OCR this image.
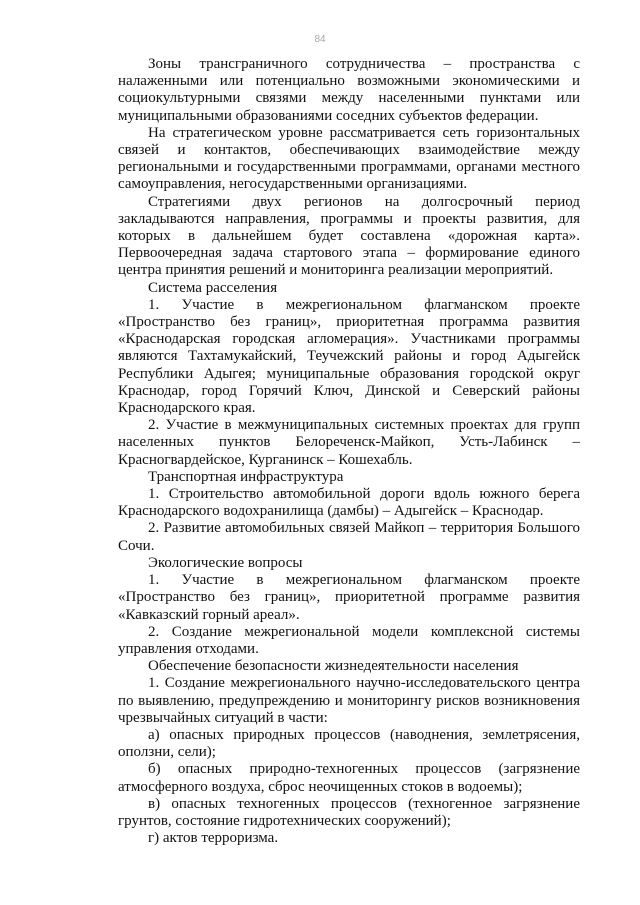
84

Зоны трансграничного сотрудничества – пространства с налаженными или потенциально возможными экономическими и социокультурными связями между населенными пунктами или муниципальными образованиями соседних субъектов федерации.

На стратегическом уровне рассматривается сеть горизонтальных связей и контактов, обеспечивающих взаимодействие между региональными и государственными программами, органами местного самоуправления, негосударственными организациями.

Стратегиями двух регионов на долгосрочный период закладываются направления, программы и проекты развития, для которых в дальнейшем будет составлена «дорожная карта». Первоочередная задача стартового этапа – формирование единого центра принятия решений и мониторинга реализации мероприятий.

Система расселения

1. Участие в межрегиональном флагманском проекте «Пространство без границ», приоритетная программа развития «Краснодарская городская агломерация». Участниками программы являются Тахтамукайский, Теучежский районы и город Адыгейск Республики Адыгея; муниципальные образования городской округ Краснодар, город Горячий Ключ, Динской и Северский районы Краснодарского края.

2. Участие в межмуниципальных системных проектах для групп населенных пунктов Белореченск-Майкоп, Усть-Лабинск – Красногвардейское, Курганинск – Кошехабль.

Транспортная инфраструктура

1. Строительство автомобильной дороги вдоль южного берега Краснодарского водохранилища (дамбы) – Адыгейск – Краснодар.

2. Развитие автомобильных связей Майкоп – территория Большого Сочи.

Экологические вопросы

1. Участие в межрегиональном флагманском проекте «Пространство без границ», приоритетной программе развития «Кавказский горный ареал».

2. Создание межрегиональной модели комплексной системы управления отходами.

Обеспечение безопасности жизнедеятельности населения

1. Создание межрегионального научно-исследовательского центра по выявлению, предупреждению и мониторингу рисков возникновения чрезвычайных ситуаций в части:

а) опасных природных процессов (наводнения, землетрясения, оползни, сели);

б) опасных природно-техногенных процессов (загрязнение атмосферного воздуха, сброс неочищенных стоков в водоемы);

в) опасных техногенных процессов (техногенное загрязнение грунтов, состояние гидротехнических сооружений);

г) актов терроризма.
